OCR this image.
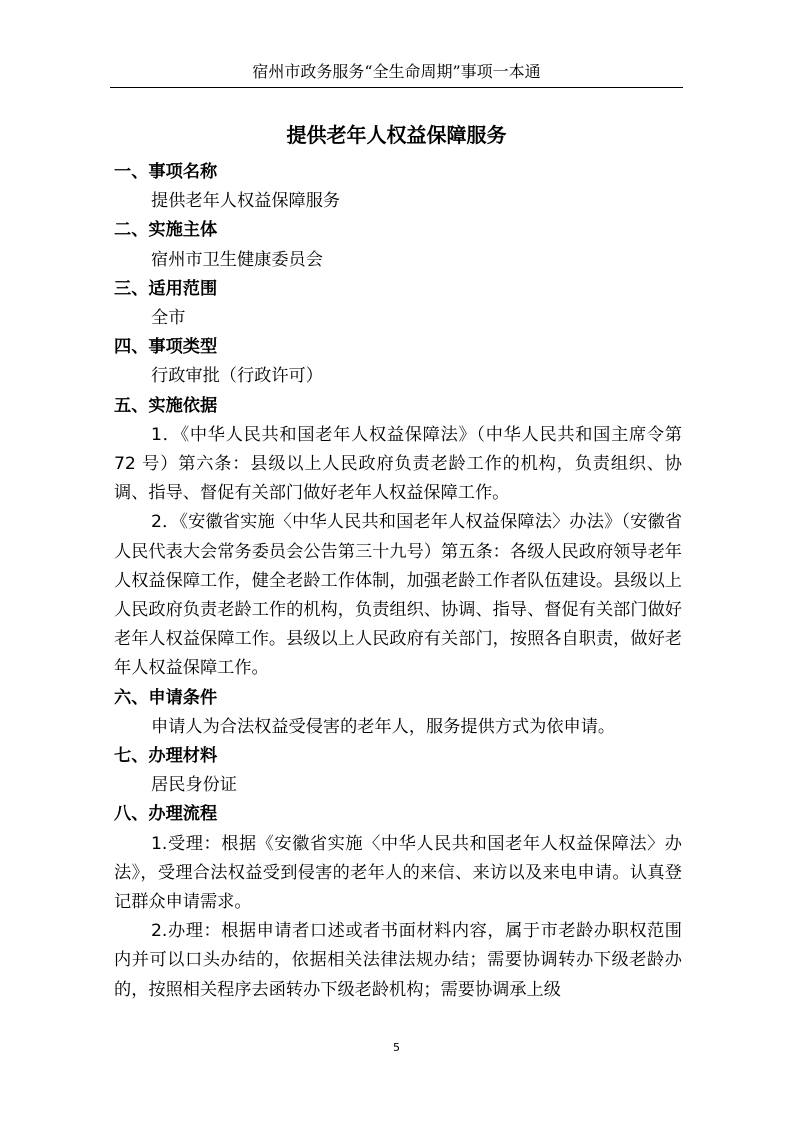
宿州市政务服务“全生命周期”事项一本通
提供老年人权益保障服务
一、事项名称
提供老年人权益保障服务
二、实施主体
宿州市卫生健康委员会
三、适用范围
全市
四、事项类型
行政审批（行政许可）
五、实施依据
1．《中华人民共和国老年人权益保障法》（中华人民共和国主席令第 72 号）第六条：县级以上人民政府负责老龄工作的机构，负责组织、协调、指导、督促有关部门做好老年人权益保障工作。
2．《安徽省实施〈中华人民共和国老年人权益保障法〉办法》（安徽省人民代表大会常务委员会公告第三十九号）第五条：各级人民政府领导老年人权益保障工作，健全老龄工作体制，加强老龄工作者队伍建设。县级以上人民政府负责老龄工作的机构，负责组织、协调、指导、督促有关部门做好老年人权益保障工作。县级以上人民政府有关部门，按照各自职责，做好老年人权益保障工作。
六、申请条件
申请人为合法权益受侵害的老年人，服务提供方式为依申请。
七、办理材料
居民身份证
八、办理流程
1.受理：根据《安徽省实施〈中华人民共和国老年人权益保障法〉办法》，受理合法权益受到侵害的老年人的来信、来访以及来电申请。认真登记群众申请需求。
2.办理：根据申请者口述或者书面材料内容，属于市老龄办职权范围内并可以口头办结的，依据相关法律法规办结；需要协调转办下级老龄办的，按照相关程序去函转办下级老龄机构；需要协调承上级
5
